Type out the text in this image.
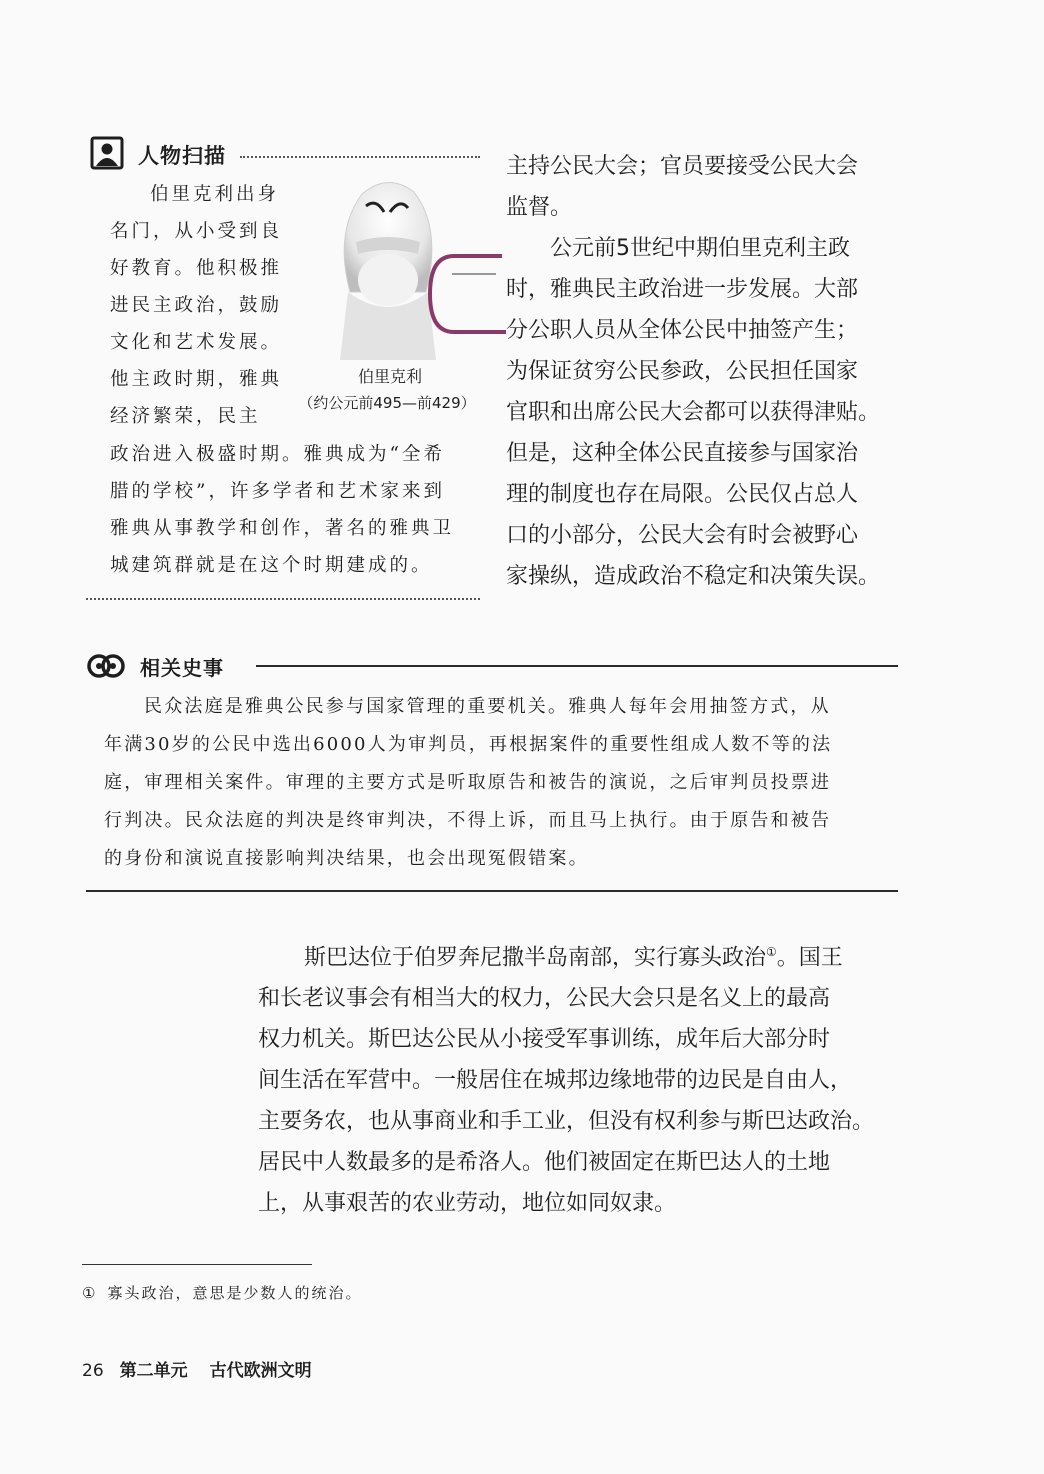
人物扫描
伯里克利出身
名门，从小受到良
好教育。他积极推
进民主政治，鼓励
文化和艺术发展。
他主政时期，雅典
经济繁荣，民主
伯里克利
（约公元前495—前429）
政治进入极盛时期。雅典成为“全希
腊的学校”，许多学者和艺术家来到
雅典从事教学和创作，著名的雅典卫
城建筑群就是在这个时期建成的。
主持公民大会；官员要接受公民大会
监督。
公元前5世纪中期伯里克利主政
时，雅典民主政治进一步发展。大部
分公职人员从全体公民中抽签产生；
为保证贫穷公民参政，公民担任国家
官职和出席公民大会都可以获得津贴。
但是，这种全体公民直接参与国家治
理的制度也存在局限。公民仅占总人
口的小部分，公民大会有时会被野心
家操纵，造成政治不稳定和决策失误。
相关史事
民众法庭是雅典公民参与国家管理的重要机关。雅典人每年会用抽签方式，从
年满30岁的公民中选出6000人为审判员，再根据案件的重要性组成人数不等的法
庭，审理相关案件。审理的主要方式是听取原告和被告的演说，之后审判员投票进
行判决。民众法庭的判决是终审判决，不得上诉，而且马上执行。由于原告和被告
的身份和演说直接影响判决结果，也会出现冤假错案。
斯巴达位于伯罗奔尼撒半岛南部，实行寡头政治①。国王
和长老议事会有相当大的权力，公民大会只是名义上的最高
权力机关。斯巴达公民从小接受军事训练，成年后大部分时
间生活在军营中。一般居住在城邦边缘地带的边民是自由人，
主要务农，也从事商业和手工业，但没有权利参与斯巴达政治。
居民中人数最多的是希洛人。他们被固定在斯巴达人的土地
上，从事艰苦的农业劳动，地位如同奴隶。
① 寡头政治，意思是少数人的统治。
26 第二单元 古代欧洲文明
